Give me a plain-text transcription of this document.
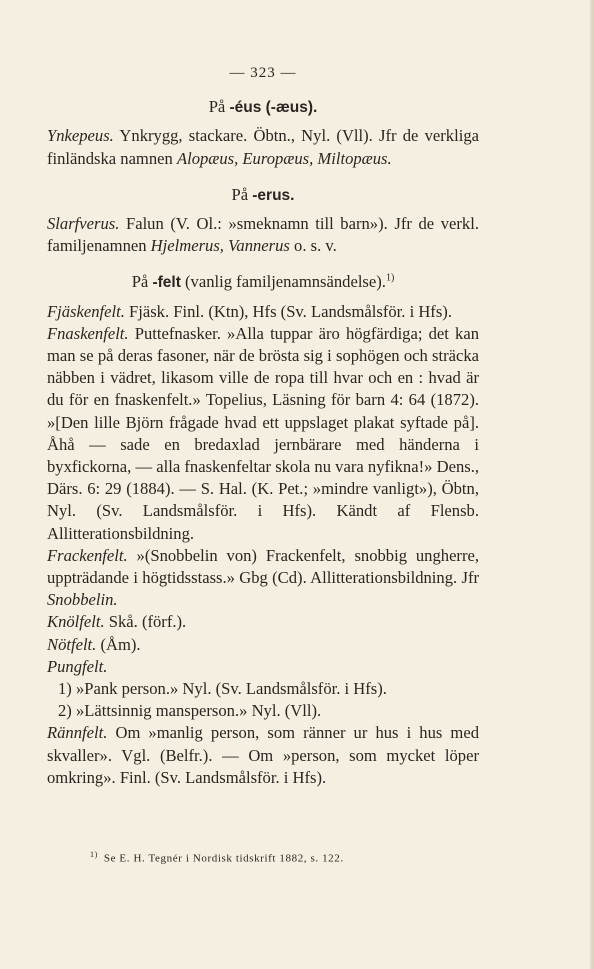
— 323 —
På -éus (-æus).
Ynkepeus. Ynkrygg, stackare. Öbtn., Nyl. (Vll). Jfr de verkliga finländska namnen Alopæus, Europæus, Miltopæus.
På -erus.
Slarfverus. Falun (V. Ol.: »smeknamn till barn»). Jfr de verkl. familjenamnen Hjelmerus, Vannerus o. s. v.
På -felt (vanlig familjenamnsändelse).$^{1)}$
Fjäskenfelt. Fjäsk. Finl. (Ktn), Hfs (Sv. Landsmålsför. i Hfs).
Fnaskenfelt. Puttefnasker. »Alla tuppar äro högfärdiga; det kan man se på deras fasoner, när de brösta sig i sophögen och sträcka näbben i vädret, likasom ville de ropa till hvar och en : hvad är du för en fnaskenfelt.» Topelius, Läsning för barn 4: 64 (1872). »[Den lille Björn frågade hvad ett uppslaget plakat syftade på]. Åhå — sade en bredaxlad jernbärare med händerna i byxfickorna, — alla fnaskenfeltar skola nu vara nyfikna!» Dens., Därs. 6: 29 (1884). — S. Hal. (K. Pet.; »mindre vanligt»), Öbtn, Nyl. (Sv. Landsmålsför. i Hfs). Kändt af Flensb. Allitterationsbildning.
Frackenfelt. »(Snobbelin von) Frackenfelt, snobbig ungherre, uppträdande i högtidsstass.» Gbg (Cd). Allitterationsbildning. Jfr Snobbelin.
Knölfelt. Skå. (förf.).
Nötfelt. (Åm).
Pungfelt.
1) »Pank person.» Nyl. (Sv. Landsmålsför. i Hfs).
2) »Lättsinnig mansperson.» Nyl. (Vll).
Rännfelt. Om »manlig person, som ränner ur hus i hus med skvaller». Vgl. (Belfr.). — Om »person, som mycket löper omkring». Finl. (Sv. Landsmålsför. i Hfs).
$^{1)}$ Se E. H. Tegnér i Nordisk tidskrift 1882, s. 122.
